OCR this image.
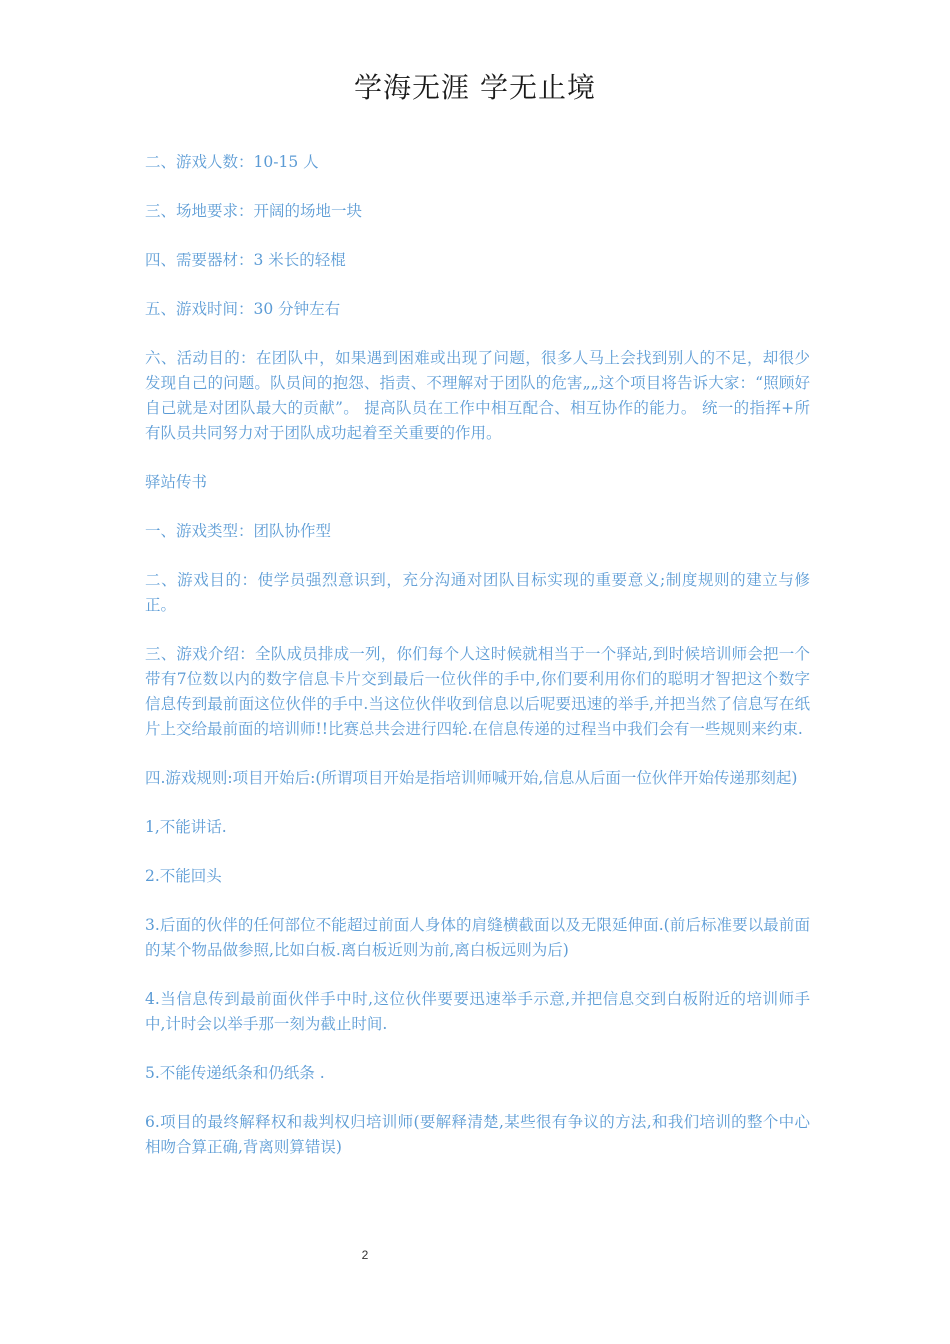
学海无涯 学无止境

二、游戏人数：10-15 人

三、场地要求：开阔的场地一块

四、需要器材：3 米长的轻棍

五、游戏时间：30 分钟左右

六、活动目的：在团队中，如果遇到困难或出现了问题，很多人马上会找到别人的不足，却很少发现自己的问题。队员间的抱怨、指责、不理解对于团队的危害„„这个项目将告诉大家：“照顾好自己就是对团队最大的贡献”。 提高队员在工作中相互配合、相互协作的能力。 统一的指挥+所有队员共同努力对于团队成功起着至关重要的作用。

驿站传书

一、游戏类型：团队协作型

二、游戏目的：使学员强烈意识到，充分沟通对团队目标实现的重要意义;制度规则的建立与修正。

三、游戏介绍：全队成员排成一列，你们每个人这时候就相当于一个驿站,到时候培训师会把一个带有7位数以内的数字信息卡片交到最后一位伙伴的手中,你们要利用你们的聪明才智把这个数字信息传到最前面这位伙伴的手中.当这位伙伴收到信息以后呢要迅速的举手,并把当然了信息写在纸片上交给最前面的培训师!!比赛总共会进行四轮.在信息传递的过程当中我们会有一些规则来约束.

四.游戏规则:项目开始后:(所谓项目开始是指培训师喊开始,信息从后面一位伙伴开始传递那刻起)

1,不能讲话.

2.不能回头

3.后面的伙伴的任何部位不能超过前面人身体的肩缝横截面以及无限延伸面.(前后标准要以最前面的某个物品做参照,比如白板.离白板近则为前,离白板远则为后)

4.当信息传到最前面伙伴手中时,这位伙伴要要迅速举手示意,并把信息交到白板附近的培训师手中,计时会以举手那一刻为截止时间.

5.不能传递纸条和仍纸条 .

6.项目的最终解释权和裁判权归培训师(要解释清楚,某些很有争议的方法,和我们培训的整个中心相吻合算正确,背离则算错误)

2
